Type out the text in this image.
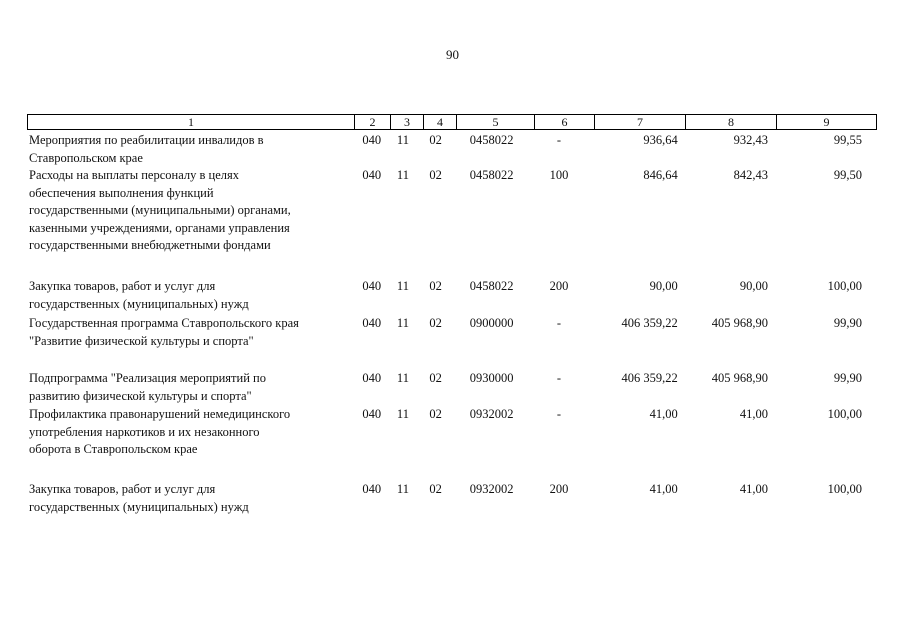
90
1	2	3	4	5	6	7	8	9
Мероприятия по реабилитации инвалидов в
Ставропольском крае
040	11	02	0458022	-	936,64	932,43	99,55
Расходы на выплаты персоналу в целях
обеспечения выполнения функций
государственными (муниципальными) органами,
казенными учреждениями, органами управления
государственными внебюджетными фондами
040	11	02	0458022	100	846,64	842,43	99,50
Закупка товаров, работ и услуг для
государственных (муниципальных) нужд
040	11	02	0458022	200	90,00	90,00	100,00
Государственная программа Ставропольского края
"Развитие физической культуры и спорта"
040	11	02	0900000	-	406 359,22	405 968,90	99,90
Подпрограмма "Реализация мероприятий по
развитию физической культуры и спорта"
040	11	02	0930000	-	406 359,22	405 968,90	99,90
Профилактика правонарушений немедицинского
употребления наркотиков и их незаконного
оборота в Ставропольском крае
040	11	02	0932002	-	41,00	41,00	100,00
Закупка товаров, работ и услуг для
государственных (муниципальных) нужд
040	11	02	0932002	200	41,00	41,00	100,00
